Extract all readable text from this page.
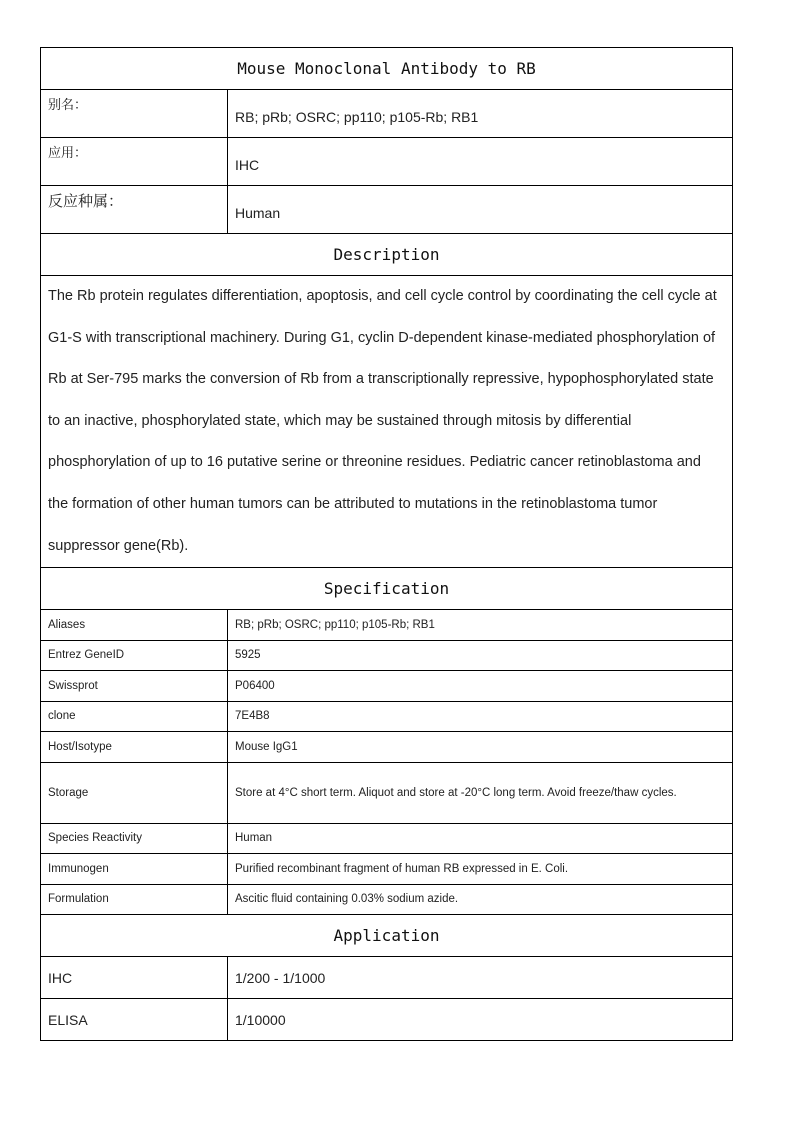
Mouse Monoclonal Antibody to RB	
别名：	RB; pRb; OSRC; pp110; p105-Rb; RB1
应用：	IHC
反应种属：	Human
Description	
The Rb protein regulates differentiation, apoptosis, and cell cycle control by coordinating the cell cycle at G1-S with transcriptional machinery. During G1, cyclin D-dependent kinase-mediated phosphorylation of Rb at Ser-795 marks the conversion of Rb from a transcriptionally repressive, hypophosphorylated state to an inactive, phosphorylated state, which may be sustained through mitosis by differential phosphorylation of up to 16 putative serine or threonine residues. Pediatric cancer retinoblastoma and the formation of other human tumors can be attributed to mutations in the retinoblastoma tumor suppressor gene(Rb).	
Specification	
Aliases	RB; pRb; OSRC; pp110; p105-Rb; RB1
Entrez GeneID	5925
Swissprot	P06400
clone	7E4B8
Host/Isotype	Mouse IgG1
Storage	Store at 4°C short term. Aliquot and store at -20°C long term. Avoid freeze/thaw cycles.
Species Reactivity	Human
Immunogen	Purified recombinant fragment of human RB expressed in E. Coli.
Formulation	Ascitic fluid containing 0.03% sodium azide.
Application	
IHC	1/200 - 1/1000
ELISA	1/10000
